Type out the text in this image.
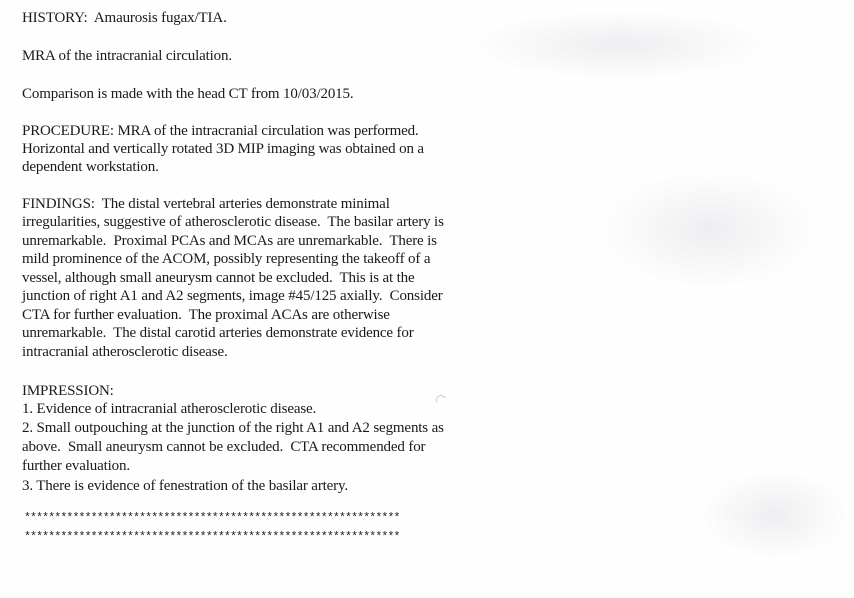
HISTORY:  Amaurosis fugax/TIA.
MRA of the intracranial circulation.
Comparison is made with the head CT from 10/03/2015.
PROCEDURE: MRA of the intracranial circulation was performed.
Horizontal and vertically rotated 3D MIP imaging was obtained on a
dependent workstation.
FINDINGS:  The distal vertebral arteries demonstrate minimal
irregularities, suggestive of atherosclerotic disease.  The basilar artery is
unremarkable.  Proximal PCAs and MCAs are unremarkable.  There is
mild prominence of the ACOM, possibly representing the takeoff of a
vessel, although small aneurysm cannot be excluded.  This is at the
junction of right A1 and A2 segments, image #45/125 axially.  Consider
CTA for further evaluation.  The proximal ACAs are otherwise
unremarkable.  The distal carotid arteries demonstrate evidence for
intracranial atherosclerotic disease.
IMPRESSION:
1. Evidence of intracranial atherosclerotic disease.
2. Small outpouching at the junction of the right A1 and A2 segments as
above.  Small aneurysm cannot be excluded.  CTA recommended for
further evaluation.
3. There is evidence of fenestration of the basilar artery.
**************************************************************
**************************************************************
